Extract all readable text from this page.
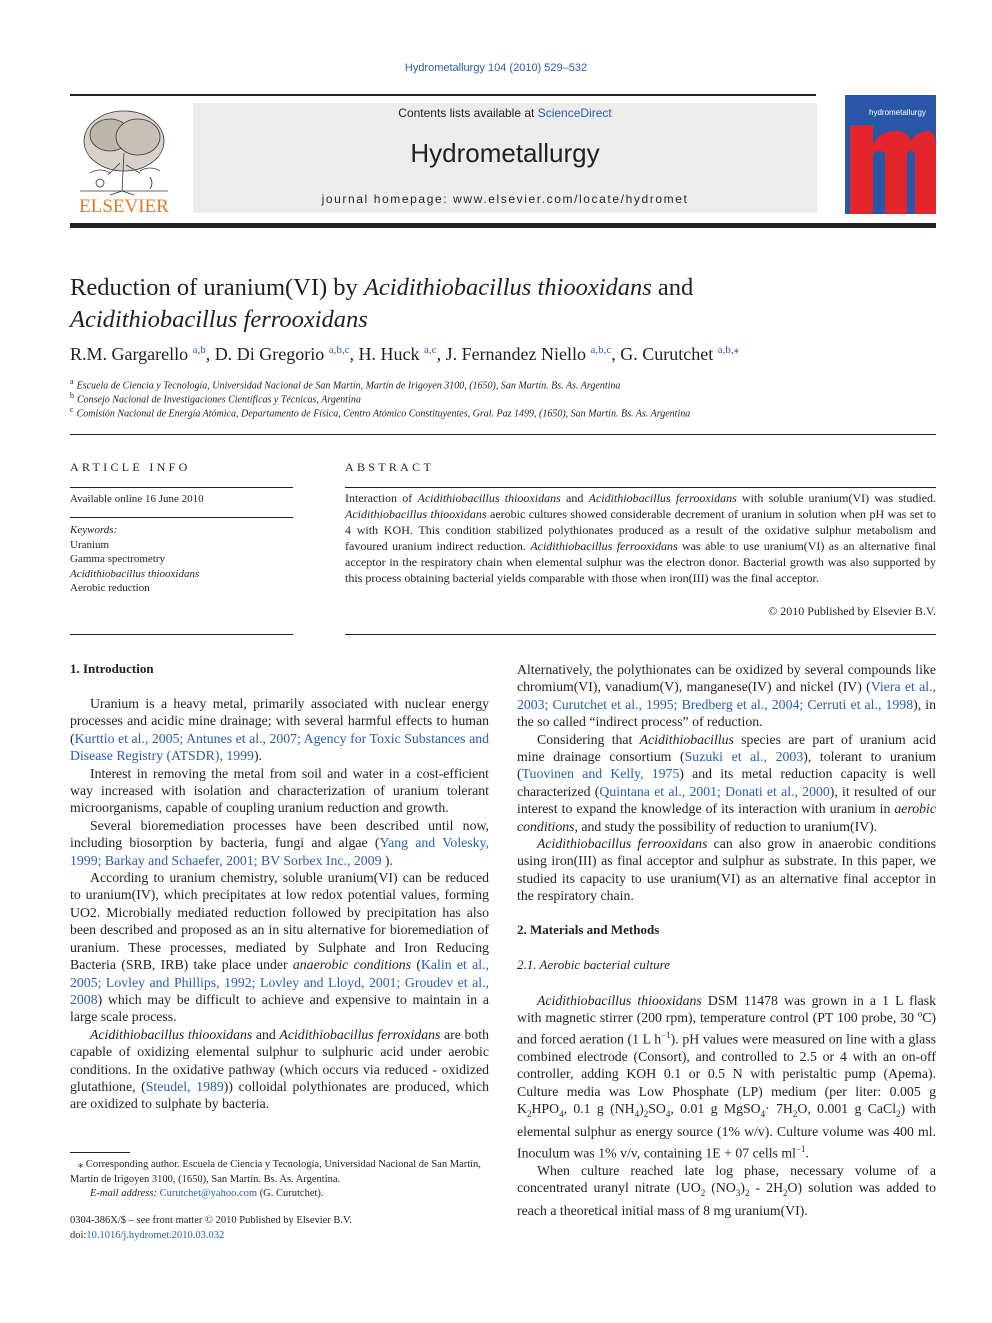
Hydrometallurgy 104 (2010) 529–532
ELSEVIER
Contents lists available at ScienceDirect
Hydrometallurgy
journal homepage: www.elsevier.com/locate/hydromet
hydrometallurgy
Reduction of uranium(VI) by Acidithiobacillus thiooxidans and
Acidithiobacillus ferrooxidans
R.M. Gargarello $^{a,b}$, D. Di Gregorio $^{a,b,c}$, H. Huck $^{a,c}$, J. Fernandez Niello $^{a,b,c}$, G. Curutchet $^{a,b,⁎}$
$^a$ Escuela de Ciencia y Tecnología, Universidad Nacional de San Martín, Martín de Irigoyen 3100, (1650), San Martín. Bs. As. Argentina
$^b$ Consejo Nacional de Investigaciones Científicas y Técnicas, Argentina
$^c$ Comisión Nacional de Energía Atómica, Departamento de Física, Centro Atómico Constituyentes, Gral. Paz 1499, (1650), San Martín. Bs. As. Argentina
ARTICLE INFO
Available online 16 June 2010
Keywords:
Uranium
Gamma spectrometry
Acidithiobacillus thiooxidans
Aerobic reduction
ABSTRACT
Interaction of Acidithiobacillus thiooxidans and Acidithiobacillus ferrooxidans with soluble uranium(VI) was studied. Acidithiobacillus thiooxidans aerobic cultures showed considerable decrement of uranium in solution when pH was set to 4 with KOH. This condition stabilized polythionates produced as a result of the oxidative sulphur metabolism and favoured uranium indirect reduction. Acidithiobacillus ferrooxidans was able to use uranium(VI) as an alternative final acceptor in the respiratory chain when elemental sulphur was the electron donor. Bacterial growth was also supported by this process obtaining bacterial yields comparable with those when iron(III) was the final acceptor.
© 2010 Published by Elsevier B.V.
1. Introduction

Uranium is a heavy metal, primarily associated with nuclear energy processes and acidic mine drainage; with several harmful effects to human (Kurttio et al., 2005; Antunes et al., 2007; Agency for Toxic Substances and Disease Registry (ATSDR), 1999).

Interest in removing the metal from soil and water in a cost-efficient way increased with isolation and characterization of uranium tolerant microorganisms, capable of coupling uranium reduction and growth.

Several bioremediation processes have been described until now, including biosorption by bacteria, fungi and algae (Yang and Volesky, 1999; Barkay and Schaefer, 2001; BV Sorbex Inc., 2009 ).

According to uranium chemistry, soluble uranium(VI) can be reduced to uranium(IV), which precipitates at low redox potential values, forming UO2. Microbially mediated reduction followed by precipitation has also been described and proposed as an in situ alternative for bioremediation of uranium. These processes, mediated by Sulphate and Iron Reducing Bacteria (SRB, IRB) take place under anaerobic conditions (Kalin et al., 2005; Lovley and Phillips, 1992; Lovley and Lloyd, 2001; Groudev et al., 2008) which may be difficult to achieve and expensive to maintain in a large scale process.

Acidithiobacillus thiooxidans and Acidithiobacillus ferroxidans are both capable of oxidizing elemental sulphur to sulphuric acid under aerobic conditions. In the oxidative pathway (which occurs via reduced - oxidized glutathione, (Steudel, 1989)) colloidal polythionates are produced, which are oxidized to sulphate by bacteria.

⁎ Corresponding author. Escuela de Ciencia y Tecnología, Universidad Nacional de San Martín, Martín de Irigoyen 3100, (1650), San Martín. Bs. As. Argentina.
E-mail address: Curutchet@yahoo.com (G. Curutchet).
0304-386X/$ – see front matter © 2010 Published by Elsevier B.V.
doi:10.1016/j.hydromet.2010.03.032

Alternatively, the polythionates can be oxidized by several compounds like chromium(VI), vanadium(V), manganese(IV) and nickel (IV) (Viera et al., 2003; Curutchet et al., 1995; Bredberg et al., 2004; Cerruti et al., 1998), in the so called “indirect process” of reduction.

Considering that Acidithiobacillus species are part of uranium acid mine drainage consortium (Suzuki et al., 2003), tolerant to uranium (Tuovinen and Kelly, 1975) and its metal reduction capacity is well characterized (Quintana et al., 2001; Donati et al., 2000), it resulted of our interest to expand the knowledge of its interaction with uranium in aerobic conditions, and study the possibility of reduction to uranium(IV).

Acidithiobacillus ferrooxidans can also grow in anaerobic conditions using iron(III) as final acceptor and sulphur as substrate. In this paper, we studied its capacity to use uranium(VI) as an alternative final acceptor in the respiratory chain.

2. Materials and Methods
2.1. Aerobic bacterial culture

Acidithiobacillus thiooxidans DSM 11478 was grown in a 1 L flask with magnetic stirrer (200 rpm), temperature control (PT 100 probe, 30 ºC) and forced aeration (1 L $h^{-1}$). pH values were measured on line with a glass combined electrode (Consort), and controlled to 2.5 or 4 with an on-off controller, adding KOH 0.1 or 0.5 N with peristaltic pump (Apema). Culture media was Low Phosphate (LP) medium (per liter: 0.005 g $K_2HPO_4$, 0.1 g $(NH_4)_2SO_4$, 0.01 g MgSO$_4$· $7H_2O$, 0.001 g CaCl$_2$) with elemental sulphur as energy source (1% w/v). Culture volume was 400 ml. Inoculum was 1% v/v, containing 1E + 07 cells $ml^{-1}$.

When culture reached late log phase, necessary volume of a concentrated uranyl nitrate ($UO_2$ $(NO_3)_2 - 2H_2O$) solution was added to reach a theoretical initial mass of 8 mg uranium(VI).
